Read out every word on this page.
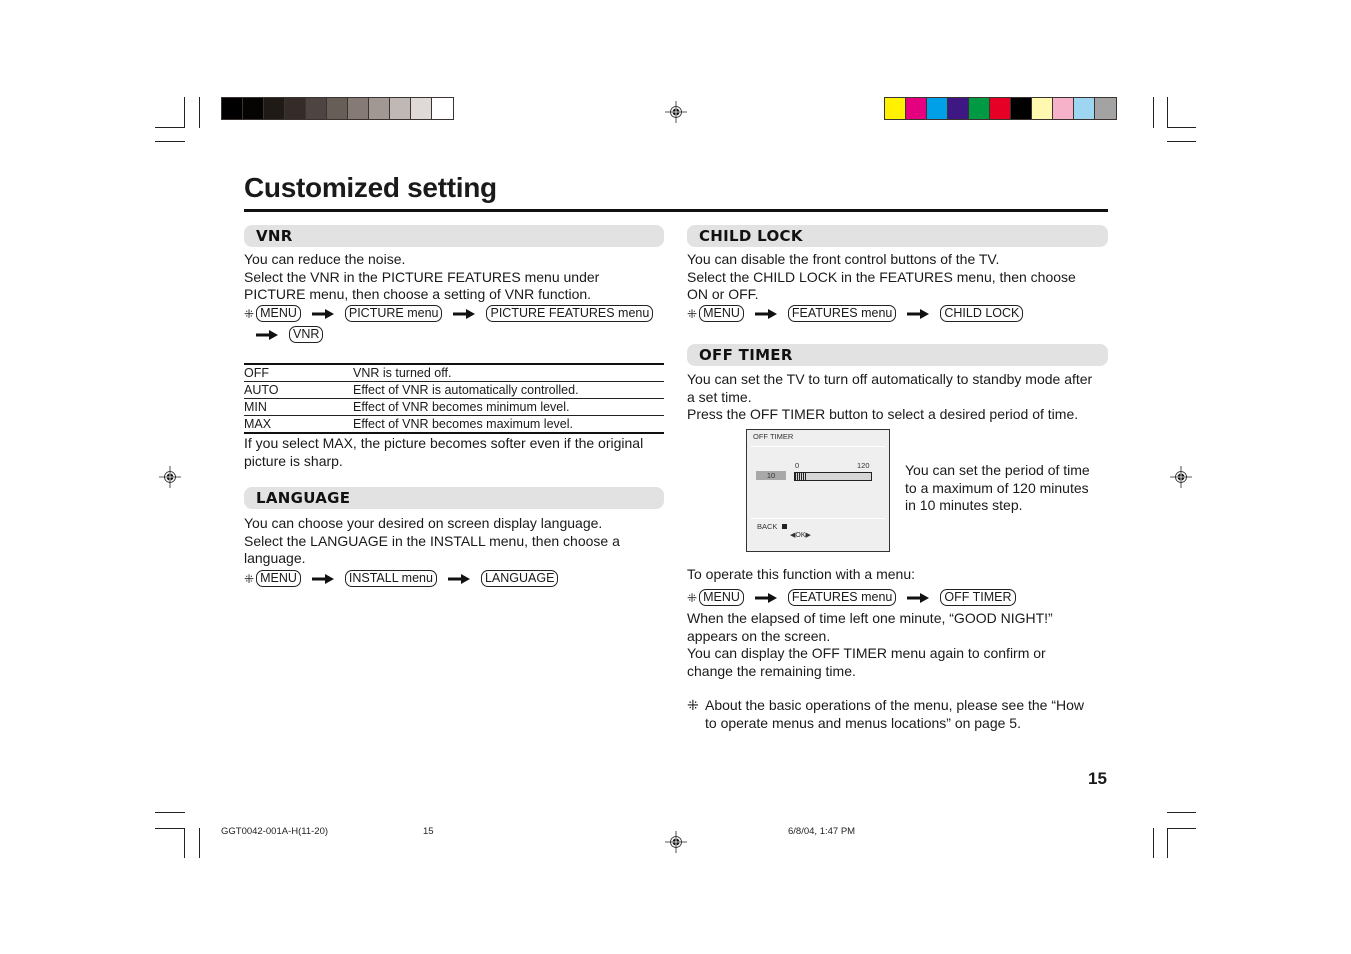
Customized setting
VNR
You can reduce the noise.
Select the VNR in the PICTURE FEATURES menu under
PICTURE menu, then choose a setting of VNR function.
⁜ MENU	PICTURE menu	PICTURE FEATURES menu
VNR
OFF	VNR is turned off.
AUTO	Effect of VNR is automatically controlled.
MIN	Effect of VNR becomes minimum level.
MAX	Effect of VNR becomes maximum level.
If you select MAX, the picture becomes softer even if the original
picture is sharp.
LANGUAGE
You can choose your desired on screen display language.
Select the LANGUAGE in the INSTALL menu, then choose a
language.
⁜ MENU	INSTALL menu	LANGUAGE
CHILD LOCK
You can disable the front control buttons of the TV.
Select the CHILD LOCK in the FEATURES menu, then choose
ON or OFF.
⁜ MENU	FEATURES menu	CHILD LOCK
OFF TIMER
You can set the TV to turn off automatically to standby mode after
a set time.
Press the OFF TIMER button to select a desired period of time.
OFF TIMER
0	120
10
BACK
◀OK▶
You can set the period of time
to a maximum of 120 minutes
in 10 minutes step.
To operate this function with a menu:
⁜ MENU	FEATURES menu	OFF TIMER
When the elapsed of time left one minute, “GOOD NIGHT!”
appears on the screen.
You can display the OFF TIMER menu again to confirm or
change the remaining time.
⁜ About the basic operations of the menu, please see the “How
to operate menus and menus locations” on page 5.
15
GGT0042-001A-H(11-20)	15	6/8/04, 1:47 PM
